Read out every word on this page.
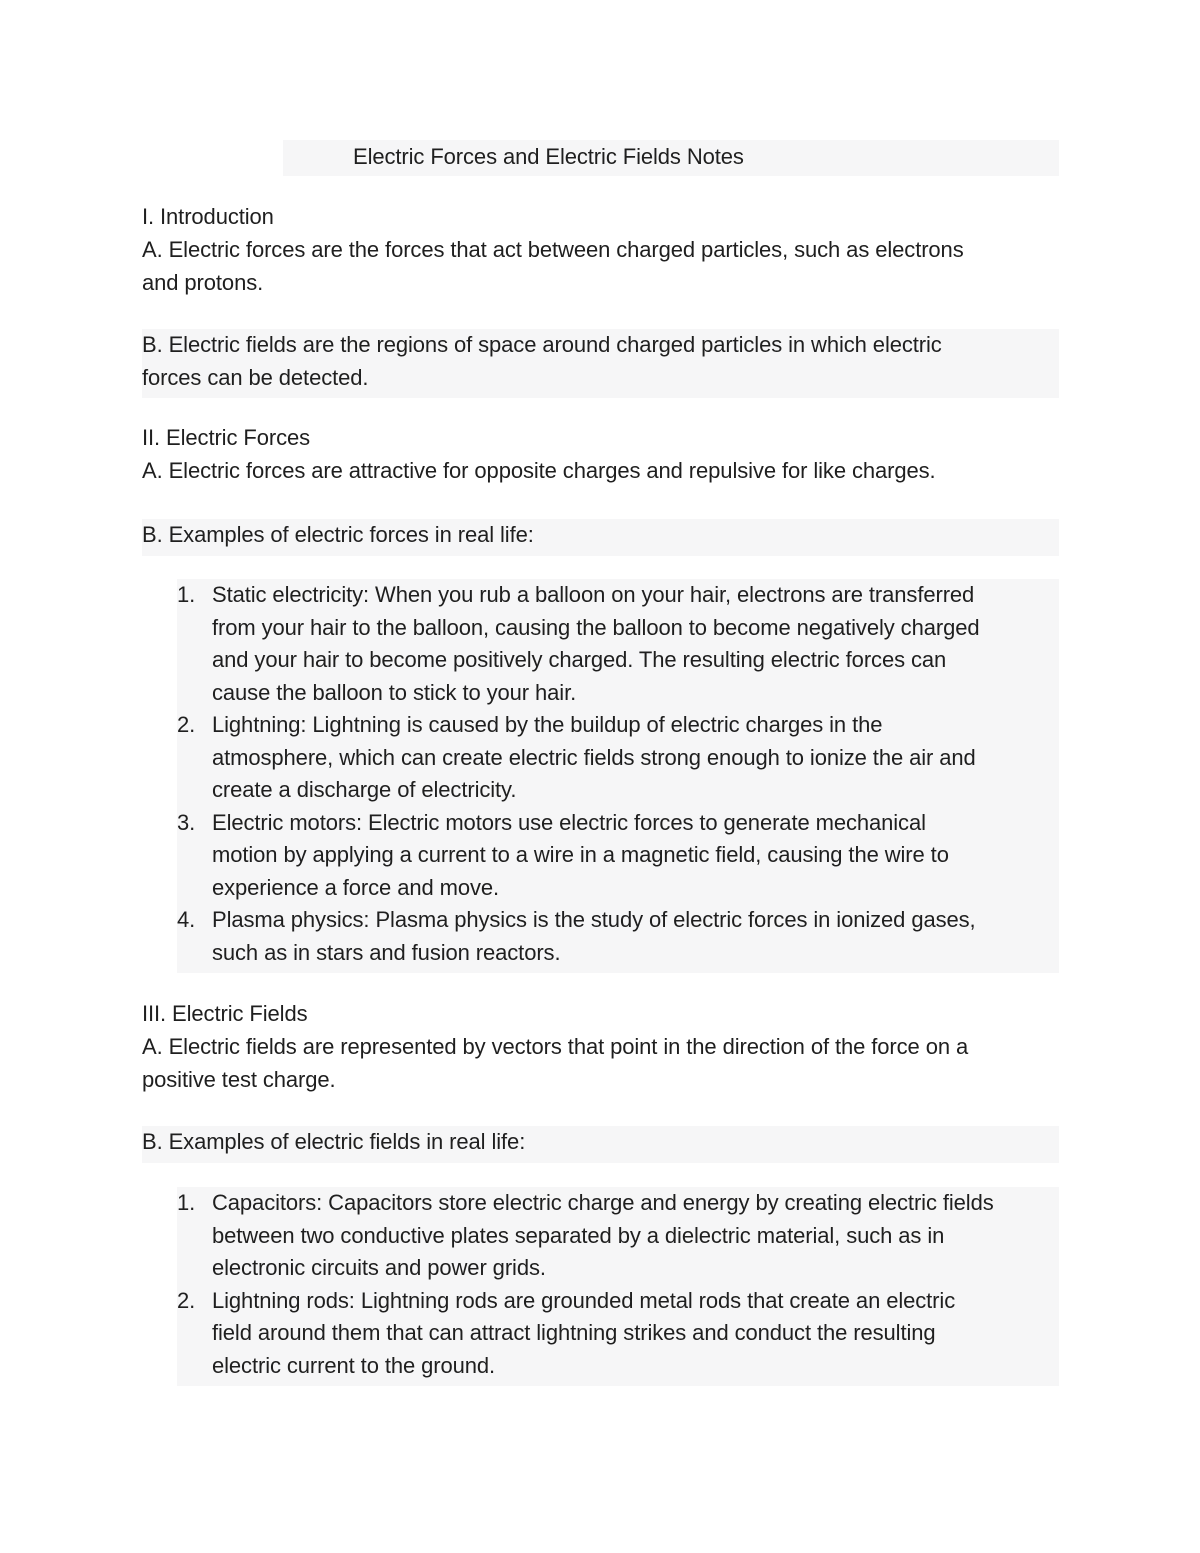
Electric Forces and Electric Fields Notes
I. Introduction
A. Electric forces are the forces that act between charged particles, such as electrons
and protons.
B. Electric fields are the regions of space around charged particles in which electric
forces can be detected.
II. Electric Forces
A. Electric forces are attractive for opposite charges and repulsive for like charges.
B. Examples of electric forces in real life:
1. Static electricity: When you rub a balloon on your hair, electrons are transferred
from your hair to the balloon, causing the balloon to become negatively charged
and your hair to become positively charged. The resulting electric forces can
cause the balloon to stick to your hair.
2. Lightning: Lightning is caused by the buildup of electric charges in the
atmosphere, which can create electric fields strong enough to ionize the air and
create a discharge of electricity.
3. Electric motors: Electric motors use electric forces to generate mechanical
motion by applying a current to a wire in a magnetic field, causing the wire to
experience a force and move.
4. Plasma physics: Plasma physics is the study of electric forces in ionized gases,
such as in stars and fusion reactors.
III. Electric Fields
A. Electric fields are represented by vectors that point in the direction of the force on a
positive test charge.
B. Examples of electric fields in real life:
1. Capacitors: Capacitors store electric charge and energy by creating electric fields
between two conductive plates separated by a dielectric material, such as in
electronic circuits and power grids.
2. Lightning rods: Lightning rods are grounded metal rods that create an electric
field around them that can attract lightning strikes and conduct the resulting
electric current to the ground.
